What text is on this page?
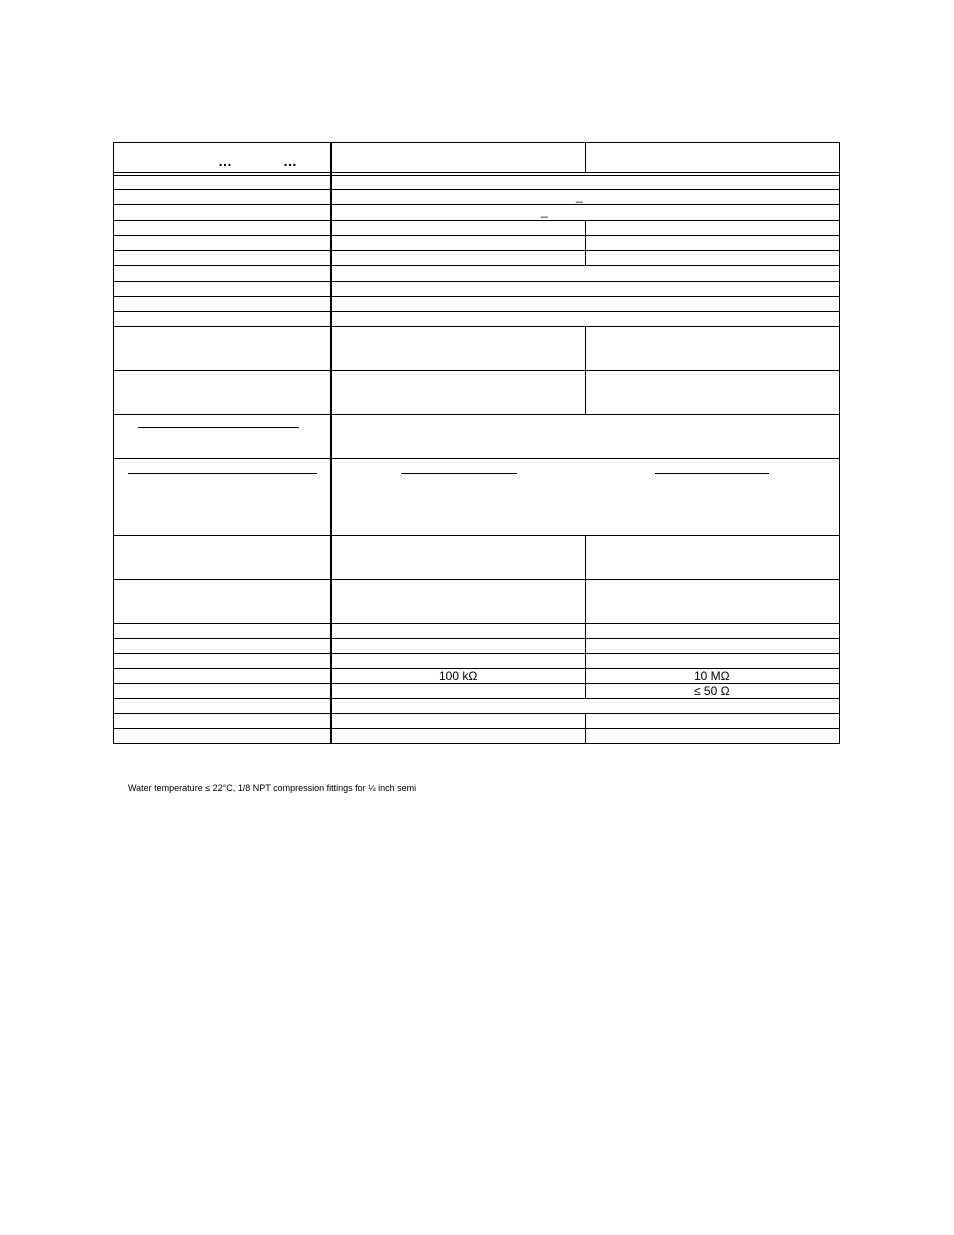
…	…
_
_
100 kΩ	10 MΩ
≤ 50 Ω
Water temperature ≤ 22°C, 1/8 NPT compression fittings for ¼ inch semi
